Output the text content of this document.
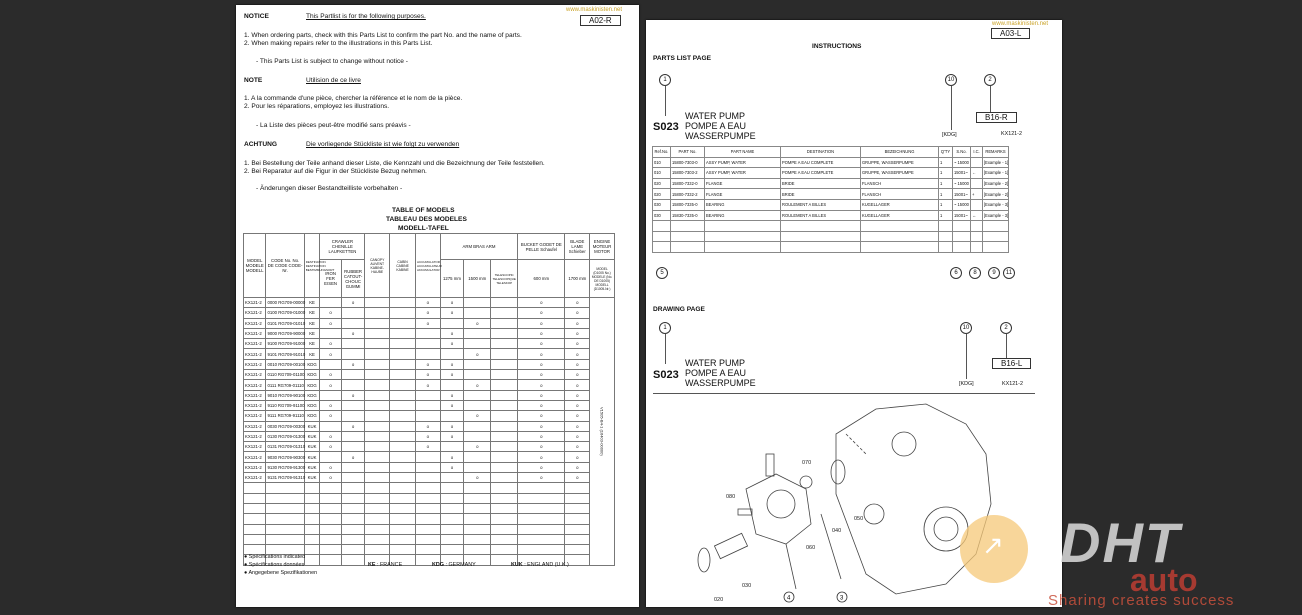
www.maskinisten.net
A02-R
NOTICE	This Partlist is for the following purposes.
1. When ordering parts, check with this Parts List to confirm the part No. and the name of parts.
2. When making repairs refer to the illustrations in this Parts List.
- This Parts List is subject to change without notice -
NOTE	Utilision de ce livre
1. A la commande d'une pièce, chercher la référence et le nom de la pièce.
2. Pour les réparations, employez les illustrations.
- La Liste des pièces peut-être modifié sans préavis -
ACHTUNG	Die vorliegende Stückliste ist wie folgt zu verwenden
1. Bei Bestellung der Teile anhand dieser Liste, die Kennzahl und die Bezeichnung der Teile feststellen.
2. Bei Reparatur auf die Figur in der Stückliste Bezug nehmen.
- Änderungen dieser Bestandteilliste vorbehalten -
TABLE OF MODELS
TABLEAU DES MODELES
MODELL-TAFEL
MODEL MODELE MODELL	CODE No. No. DE CODE CODE-Nr.	DESTINATION DESTINATION BESTIMMUNGSORT	CRAWLER CHENILLE LAUFKETTEN		CANOPY AUVENT KABINE-HAUBE	CABIN CABINE KABINE	ACCUMULATOR ACCUMULATEUR AKKUMULATOR	ARM BRAS ARM			BUCKET GODET DE PELLE Schaufel	BLADE LAME Schieber	ENGINE MOTEUR MOTOR
			IRON FER EISEN	RUBBER CATOUT-CHOUC GUMMI				1275 mm	1500 mm	TELESCOPIC TELESCOPIQUE TELESKOP	600 mm	1700 mm	MODEL (D1005 No.) MODELE (No. DE D1005) MODELL (D1005-Nr.)
KX121-2	0000 RG709-00000	KE		o			o	o			o	o	V1505-B4-1 (16403-00000)
KX121-2	0100 RG709-01000	KE	o				o	o			o	o	
KX121-2	0101 RG709-01010	KE	o				o		o		o	o	
KX121-2	9000 RG709-90000	KE		o				o			o	o	
KX121-2	9100 RG709-91000	KE	o					o			o	o	
KX121-2	9101 RG709-91010	KE	o						o		o	o	
KX121-2	0010 RG709-00100	KDG		o			o	o			o	o	
KX121-2	0110 RG709-01100	KDG	o				o	o			o	o	
KX121-2	0111 RG709-01110	KDG	o				o		o		o	o	
KX121-2	9010 RG709-90100	KDG		o				o			o	o	
KX121-2	9110 RG709-91100	KDG	o					o			o	o	
KX121-2	9111 RG709-91110	KDG	o						o		o	o	
KX121-2	0030 RG709-00300	KUK		o			o	o			o	o	
KX121-2	0130 RG709-01300	KUK	o				o	o			o	o	
KX121-2	0131 RG709-01310	KUK	o				o		o		o	o	
KX121-2	9030 RG709-90300	KUK		o				o			o	o	
KX121-2	9130 RG709-91300	KUK	o					o			o	o	
KX121-2	9131 RG709-91310	KUK	o						o		o	o	

● Spécifications indicated
● Spécifications données
● Angegebene Spezifikationen
KE : FRANCE	KDG : GERMANY	KUK : ENGLAND (U.K.)
www.maskinisten.net
A03-L
INSTRUCTIONS
PARTS LIST PAGE
1	10	2
S023
WATER PUMP
POMPE A EAU
WASSERPUMPE
B16-R
[KDG]	KX121-2
Ref.No.	PART No.	PART NAME	DESTINATION	BEZEICHNUNG	Q'TY	S.No.	I.C.	REMARKS
010	15800-7303-0	ASSY PUMP, WATER	POMPE A EAU COMPLETE	GRUPPE, WASSERPUMPE	1	~ 15000		[Example - 1]
010	15800-7303-2	ASSY PUMP, WATER	POMPE A EAU COMPLETE	GRUPPE, WASSERPUMPE	1	15001~	←	[Example - 1]
020	15800-7332-0	FLANGE	BRIDE	FLANSCH	1	~ 15000		[Example - 2]
020	15800-7332-2	FLANGE	BRIDE	FLANSCH	1	15001~	+	[Example - 2]
030	15800-7335-0	BEARING	ROULEMENT A BILLES	KUGELLAGER	1	~ 15000		[Example - 3]
030	15830-7335-0	BEARING	ROULEMENT A BILLES	KUGELLAGER	1	15001~	↔	[Example - 3]

5	6	8	9	11
DRAWING PAGE
1	10	2
S023
WATER PUMP
POMPE A EAU
WASSERPUMPE
B16-L
[KDG]	KX121-2
080
070
050
040
060
030
020	4	3
↗ DHT
auto
Sharing creates success
